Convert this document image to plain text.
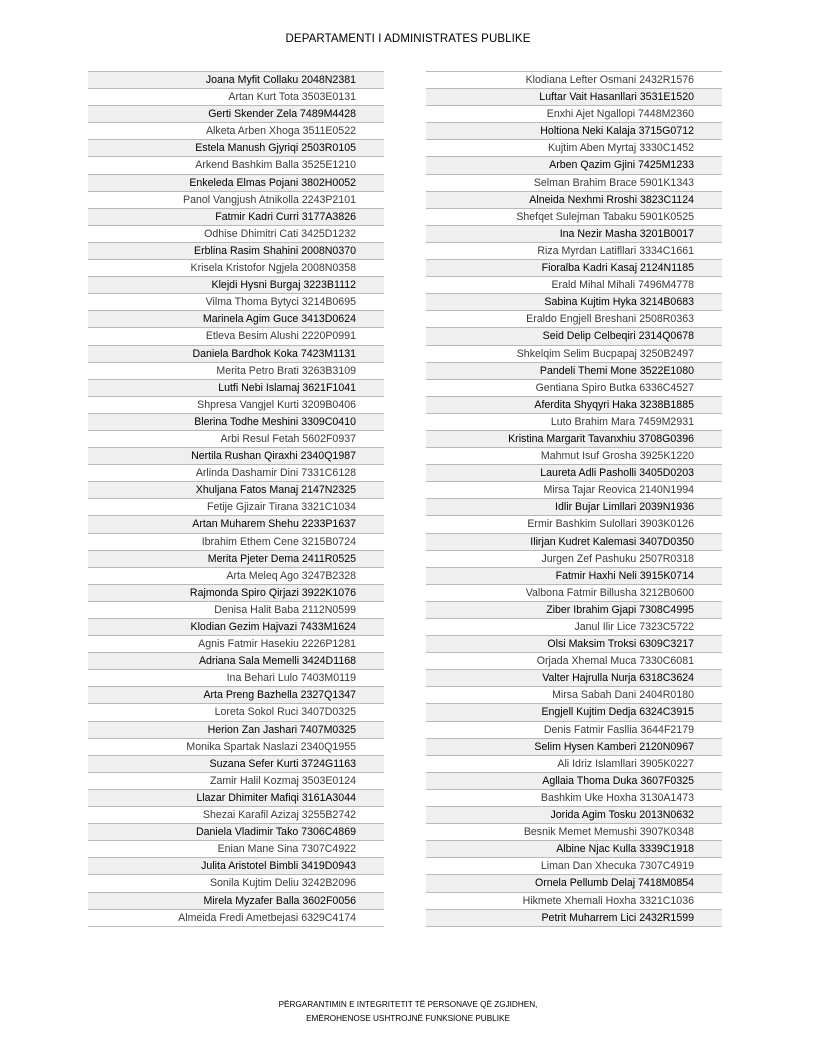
DEPARTAMENTI I ADMINISTRATES PUBLIKE
Joana Myfit Collaku 2048N2381
Artan Kurt Tota 3503E0131
Gerti Skender Zela 7489M4428
Alketa Arben Xhoga 3511E0522
Estela Manush Gjyriqi 2503R0105
Arkend Bashkim Balla 3525E1210
Enkeleda Elmas Pojani 3802H0052
Panol Vangjush Atnikolla 2243P2101
Fatmir Kadri Curri 3177A3826
Odhise Dhimitri Cati 3425D1232
Erblina Rasim Shahini 2008N0370
Krisela Kristofor Ngjela 2008N0358
Klejdi Hysni Burgaj 3223B1112
Vilma Thoma Bytyci 3214B0695
Marinela Agim Guce 3413D0624
Etleva Besim Alushi 2220P0991
Daniela Bardhok Koka 7423M1131
Merita Petro Brati 3263B3109
Lutfi Nebi Islamaj 3621F1041
Shpresa Vangjel Kurti 3209B0406
Blerina Todhe Meshini 3309C0410
Arbi Resul Fetah 5602F0937
Nertila Rushan Qiraxhi 2340Q1987
Arlinda Dashamir Dini 7331C6128
Xhuljana Fatos Manaj 2147N2325
Fetije Gjizair Tirana 3321C1034
Artan Muharem Shehu 2233P1637
Ibrahim Ethem Cene 3215B0724
Merita Pjeter Dema 2411R0525
Arta Meleq Ago 3247B2328
Rajmonda Spiro Qirjazi 3922K1076
Denisa Halit Baba 2112N0599
Klodian Gezim Hajvazi 7433M1624
Agnis Fatmir Hasekiu 2226P1281
Adriana Sala Memelli 3424D1168
Ina Behari Lulo 7403M0119
Arta Preng Bazhella 2327Q1347
Loreta Sokol Ruci 3407D0325
Herion Zan Jashari 7407M0325
Monika Spartak Naslazi 2340Q1955
Suzana Sefer Kurti 3724G1163
Zamir Halil Kozmaj 3503E0124
Llazar Dhimiter Mafiqi 3161A3044
Shezai Karafil Azizaj 3255B2742
Daniela Vladimir Tako 7306C4869
Enian Mane Sina 7307C4922
Julita Aristotel Bimbli 3419D0943
Sonila Kujtim Deliu 3242B2096
Mirela Myzafer Balla 3602F0056
Almeida Fredi Ametbejasi 6329C4174
Klodiana Lefter Osmani 2432R1576
Luftar Vait Hasanllari 3531E1520
Enxhi Ajet Ngallopi 7448M2360
Holtiona Neki Kalaja 3715G0712
Kujtim Aben Myrtaj 3330C1452
Arben Qazim Gjini 7425M1233
Selman Brahim Brace 5901K1343
Alneida Nexhmi Rroshi 3823C1124
Shefqet Sulejman Tabaku 5901K0525
Ina Nezir Masha 3201B0017
Riza Myrdan Latifllari 3334C1661
Fioralba Kadri Kasaj 2124N1185
Erald Mihal Mihali 7496M4778
Sabina Kujtim Hyka 3214B0683
Eraldo Engjell Breshani 2508R0363
Seid Delip Celbeqiri 2314Q0678
Shkelqim Selim Bucpapaj 3250B2497
Pandeli Themi Mone 3522E1080
Gentiana Spiro Butka 6336C4527
Aferdita Shyqyri Haka 3238B1885
Luto Brahim Mara 7459M2931
Kristina Margarit Tavanxhiu 3708G0396
Mahmut Isuf Grosha 3925K1220
Laureta Adli Pasholli 3405D0203
Mirsa Tajar Reovica 2140N1994
Idlir Bujar Limllari 2039N1936
Ermir Bashkim Sulollari 3903K0126
Ilirjan Kudret Kalemasi 3407D0350
Jurgen Zef Pashuku 2507R0318
Fatmir Haxhi Neli 3915K0714
Valbona Fatmir Billusha 3212B0600
Ziber Ibrahim Gjapi 7308C4995
Janul Ilir Lice 7323C5722
Olsi Maksim Troksi 6309C3217
Orjada Xhemal Muca 7330C6081
Valter Hajrulla Nurja 6318C3624
Mirsa Sabah Dani 2404R0180
Engjell Kujtim Dedja 6324C3915
Denis Fatmir Fasllia 3644F2179
Selim Hysen Kamberi 2120N0967
Ali Idriz Islamllari 3905K0227
Agllaia Thoma Duka 3607F0325
Bashkim Uke Hoxha 3130A1473
Jorida Agim Tosku 2013N0632
Besnik Memet Memushi 3907K0348
Albine Njac Kulla 3339C1918
Liman Dan Xhecuka 7307C4919
Ornela Pellumb Delaj 7418M0854
Hikmete Xhemali Hoxha 3321C1036
Petrit Muharrem Lici 2432R1599
PËRGARANTIMIN E INTEGRITETIT TË PERSONAVE QË ZGJIDHEN,
EMËROHENOSE USHTROJNË FUNKSIONE PUBLIKE
